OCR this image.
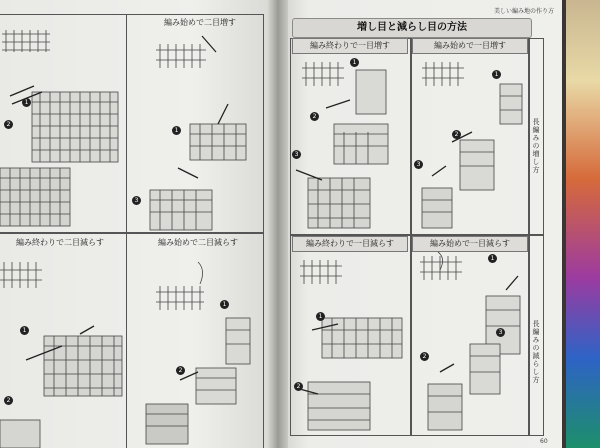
編み始めで二目増す
編み終わりで二目減らす	編み始めで二目減らす
美しい編み地の作り方
増し目と減らし目の方法
編み終わりで一目増す	編み始めで一目増す
編み終わりで一目減らす	編み始めで一目減らす
長編みの増し方
長編みの減らし方
60
1
2
3
1
1
2
1
2
1
2
3
1
2
3
1
2
1
2
3
